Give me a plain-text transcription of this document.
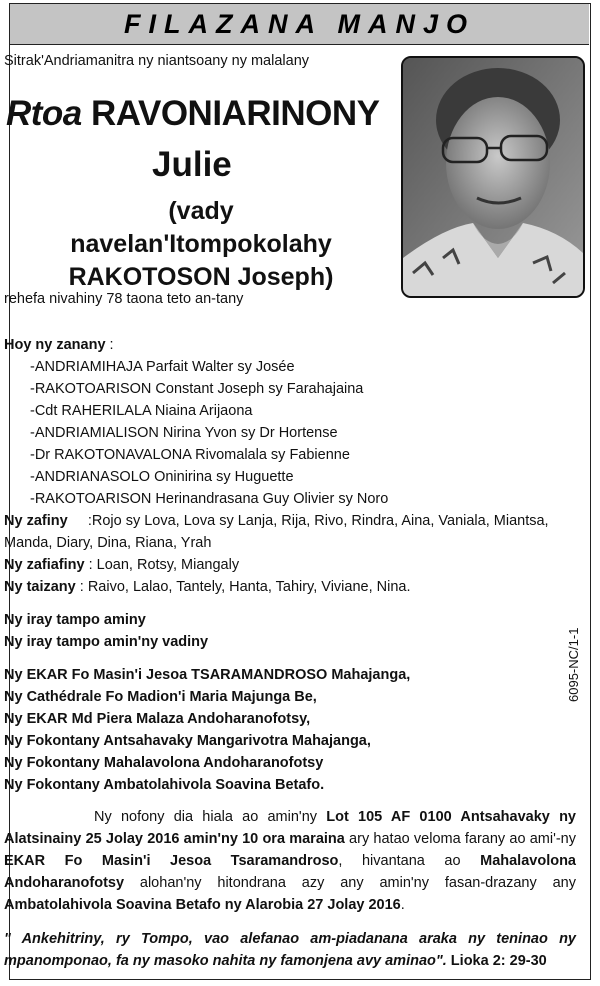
FILAZANA MANJO
Sitrak'Andriamanitra ny niantsoany ny malalany
Rtoa RAVONIARINONY
Julie
(vady navelan'Itompokolahy
RAKOTOSON Joseph)
rehefa nivahiny 78 taona teto an-tany
6095-NC/1-1
Hoy ny zanany :
-ANDRIAMIHAJA Parfait Walter sy Josée
-RAKOTOARISON Constant Joseph sy Farahajaina
-Cdt RAHERILALA Niaina Arijaona
-ANDRIAMIALISON Nirina Yvon sy Dr Hortense
-Dr RAKOTONAVALONA Rivomalala sy Fabienne
-ANDRIANASOLO Oninirina sy Huguette
-RAKOTOARISON Herinandrasana Guy Olivier sy Noro
Ny zafiny :Rojo sy Lova, Lova sy Lanja, Rija, Rivo, Rindra, Aina, Vaniala, Miantsa,
Manda, Diary, Dina, Riana, Yrah
Ny zafiafiny : Loan, Rotsy, Miangaly
Ny taizany : Raivo, Lalao, Tantely, Hanta, Tahiry, Viviane, Nina.
Ny iray tampo aminy
Ny iray tampo amin'ny vadiny
Ny EKAR Fo Masin'i Jesoa TSARAMANDROSO Mahajanga,
Ny Cathédrale Fo Madion'i Maria Majunga Be,
Ny EKAR Md Piera Malaza Andoharanofotsy,
Ny Fokontany Antsahavaky Mangarivotra Mahajanga,
Ny Fokontany Mahalavolona Andoharanofotsy
Ny Fokontany Ambatolahivola Soavina Betafo.
Ny nofony dia hiala ao amin'ny Lot 105 AF 0100 Antsahavaky ny Alatsinainy 25 Jolay 2016 amin'ny 10 ora maraina ary hatao veloma farany ao ami'-ny EKAR Fo Masin'i Jesoa Tsaramandroso, hivantana ao Mahalavolona Andoharanofotsy alohan'ny hitondrana azy any amin'ny fasan-drazany any Ambatolahivola Soavina Betafo ny Alarobia 27 Jolay 2016.
" Ankehitriny, ry Tompo, vao alefanao am-piadanana araka ny teninao ny mpanomponao, fa ny masoko nahita ny famonjena avy aminao". Lioka 2: 29-30
